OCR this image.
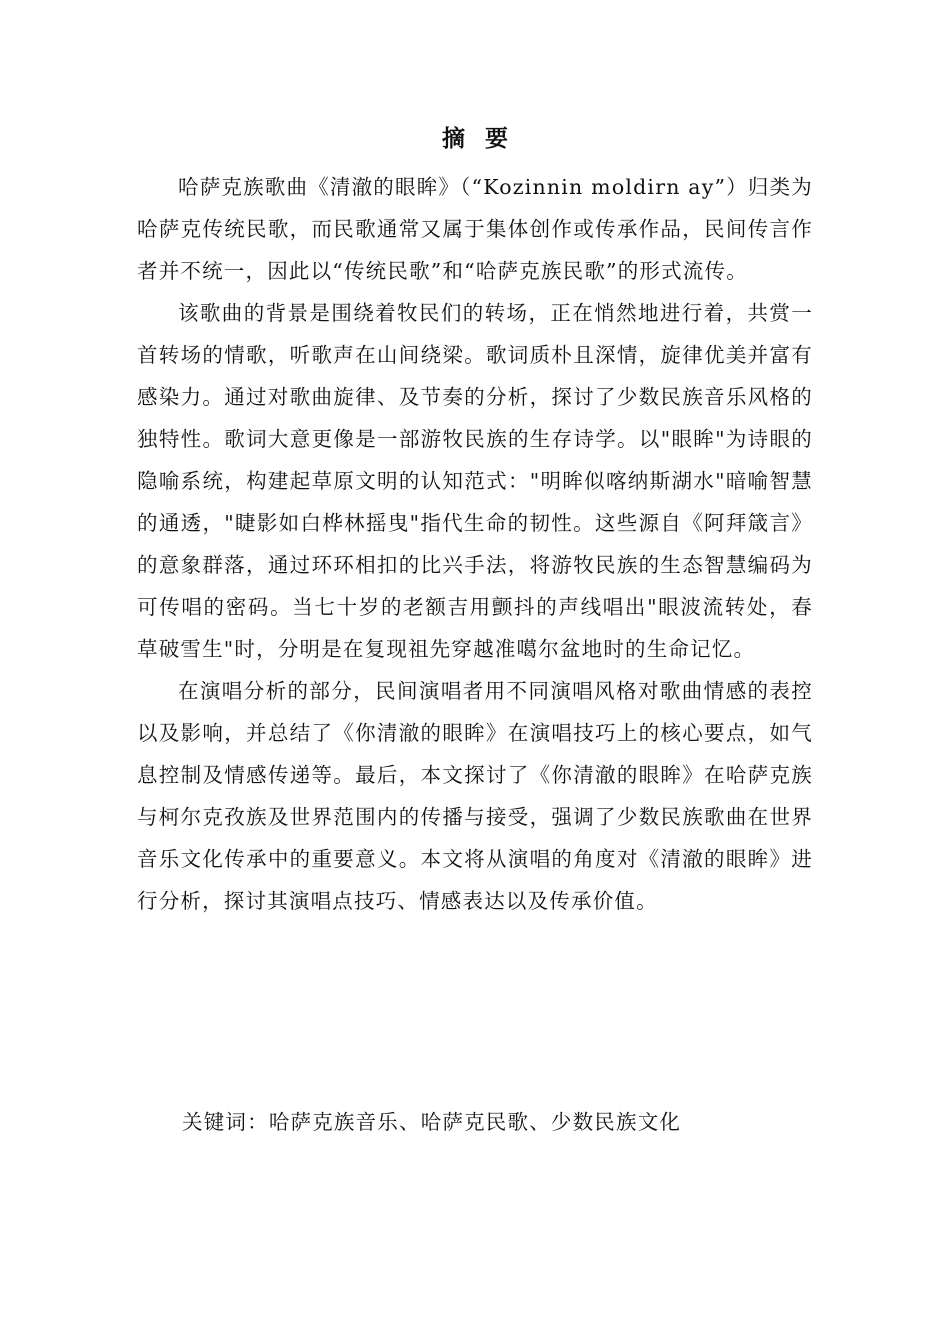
摘要

哈萨克族歌曲《清澈的眼眸》（“Kozinnin moldirn ay”）归类为哈萨克传统民歌，而民歌通常又属于集体创作或传承作品，民间传言作者并不统一，因此以“传统民歌”和“哈萨克族民歌”的形式流传。

该歌曲的背景是围绕着牧民们的转场，正在悄然地进行着，共赏一首转场的情歌，听歌声在山间绕梁。歌词质朴且深情，旋律优美并富有感染力。通过对歌曲旋律、及节奏的分析，探讨了少数民族音乐风格的独特性。歌词大意更像是一部游牧民族的生存诗学。以"眼眸"为诗眼的隐喻系统，构建起草原文明的认知范式："明眸似喀纳斯湖水"暗喻智慧的通透，"睫影如白桦林摇曳"指代生命的韧性。这些源自《阿拜箴言》的意象群落，通过环环相扣的比兴手法，将游牧民族的生态智慧编码为可传唱的密码。当七十岁的老额吉用颤抖的声线唱出"眼波流转处，春草破雪生"时，分明是在复现祖先穿越准噶尔盆地时的生命记忆。

在演唱分析的部分，民间演唱者用不同演唱风格对歌曲情感的表控以及影响，并总结了《你清澈的眼眸》在演唱技巧上的核心要点，如气息控制及情感传递等。最后，本文探讨了《你清澈的眼眸》在哈萨克族与柯尔克孜族及世界范围内的传播与接受，强调了少数民族歌曲在世界音乐文化传承中的重要意义。本文将从演唱的角度对《清澈的眼眸》进行分析，探讨其演唱点技巧、情感表达以及传承价值。

关键词：哈萨克族音乐、哈萨克民歌、少数民族文化
